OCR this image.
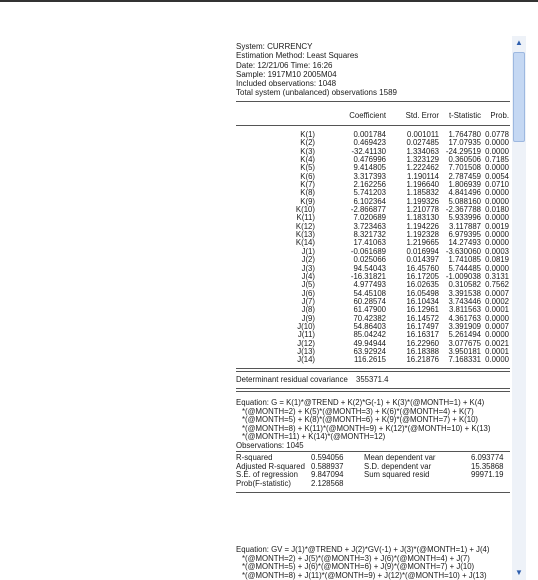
System: CURRENCY
Estimation Method: Least Squares
Date: 12/21/06 Time: 16:26
Sample: 1917M10 2005M04
Included observations: 1048
Total system (unbalanced) observations 1589
Coefficient	Std. Error	t-Statistic	Prob.
K(1)	0.001784	0.001011	1.764780 0.0778
K(2)	0.469423	0.027485	17.07935 0.0000
K(3)	-32.41130	1.334063 -24.29519 0.0000
K(4)	0.476996	1.323129	0.360506 0.7185
K(5)	9.414805	1.222462	7.701508 0.0000
K(6)	3.317393	1.190114	2.787459 0.0054
K(7)	2.162256	1.196640	1.806939 0.0710
K(8)	5.741203	1.185832	4.841496 0.0000
K(9)	6.102364	1.199326	5.088160 0.0000
K(10)	-2.866877	1.210778 -2.367788 0.0180
K(11)	7.020689	1.183130	5.933996 0.0000
K(12)	3.723463	1.194226	3.117887 0.0019
K(13)	8.321732	1.192328	6.979395 0.0000
K(14)	17.41063	1.219665	14.27493 0.0000
J(1)	-0.061689	0.016994 -3.630060 0.0003
J(2)	0.025066	0.014397	1.741085 0.0819
J(3)	94.54043	16.45760	5.744485 0.0000
J(4)	-16.31821	16.17205 -1.009038 0.3131
J(5)	4.977493	16.02635	0.310582 0.7562
J(6)	54.45108	16.05498	3.391538 0.0007
J(7)	60.28574	16.10434	3.743446 0.0002
J(8)	61.47900	16.12961	3.811563 0.0001
J(9)	70.42382	16.14572	4.361763 0.0000
J(10)	54.86403	16.17497	3.391909 0.0007
J(11)	85.04242	16.16317	5.261494 0.0000
J(12)	49.94944	16.22960	3.077675 0.0021
J(13)	63.92924	16.18388	3.950181 0.0001
J(14)	116.2615	16.21876	7.168331 0.0000
Determinant residual covariance 355371.4
Equation: G = K(1)*@TREND + K(2)*G(-1) + K(3)*(@MONTH=1) + K(4)
*(@MONTH=2) + K(5)*(@MONTH=3) + K(6)*(@MONTH=4) + K(7)
*(@MONTH=5) + K(8)*(@MONTH=6) + K(9)*(@MONTH=7) + K(10)
*(@MONTH=8) + K(11)*(@MONTH=9) + K(12)*(@MONTH=10) + K(13)
*(@MONTH=11) + K(14)*(@MONTH=12)
Observations: 1045
R-squared	0.594056	Mean dependent var	6.093774
Adjusted R-squared 0.588937	S.D. dependent var	15.35868
S.E. of regression 9.847094	Sum squared resid	99971.19
Prob(F-statistic)	2.128568
Equation: GV = J(1)*@TREND + J(2)*GV(-1) + J(3)*(@MONTH=1) + J(4)
*(@MONTH=2) + J(5)*(@MONTH=3) + J(6)*(@MONTH=4) + J(7)
*(@MONTH=5) + J(6)*(@MONTH=6) + J(9)*(@MONTH=7) + J(10)
*(@MONTH=8) + J(11)*(@MONTH=9) + J(12)*(@MONTH=10) + J(13)
▲
▼
